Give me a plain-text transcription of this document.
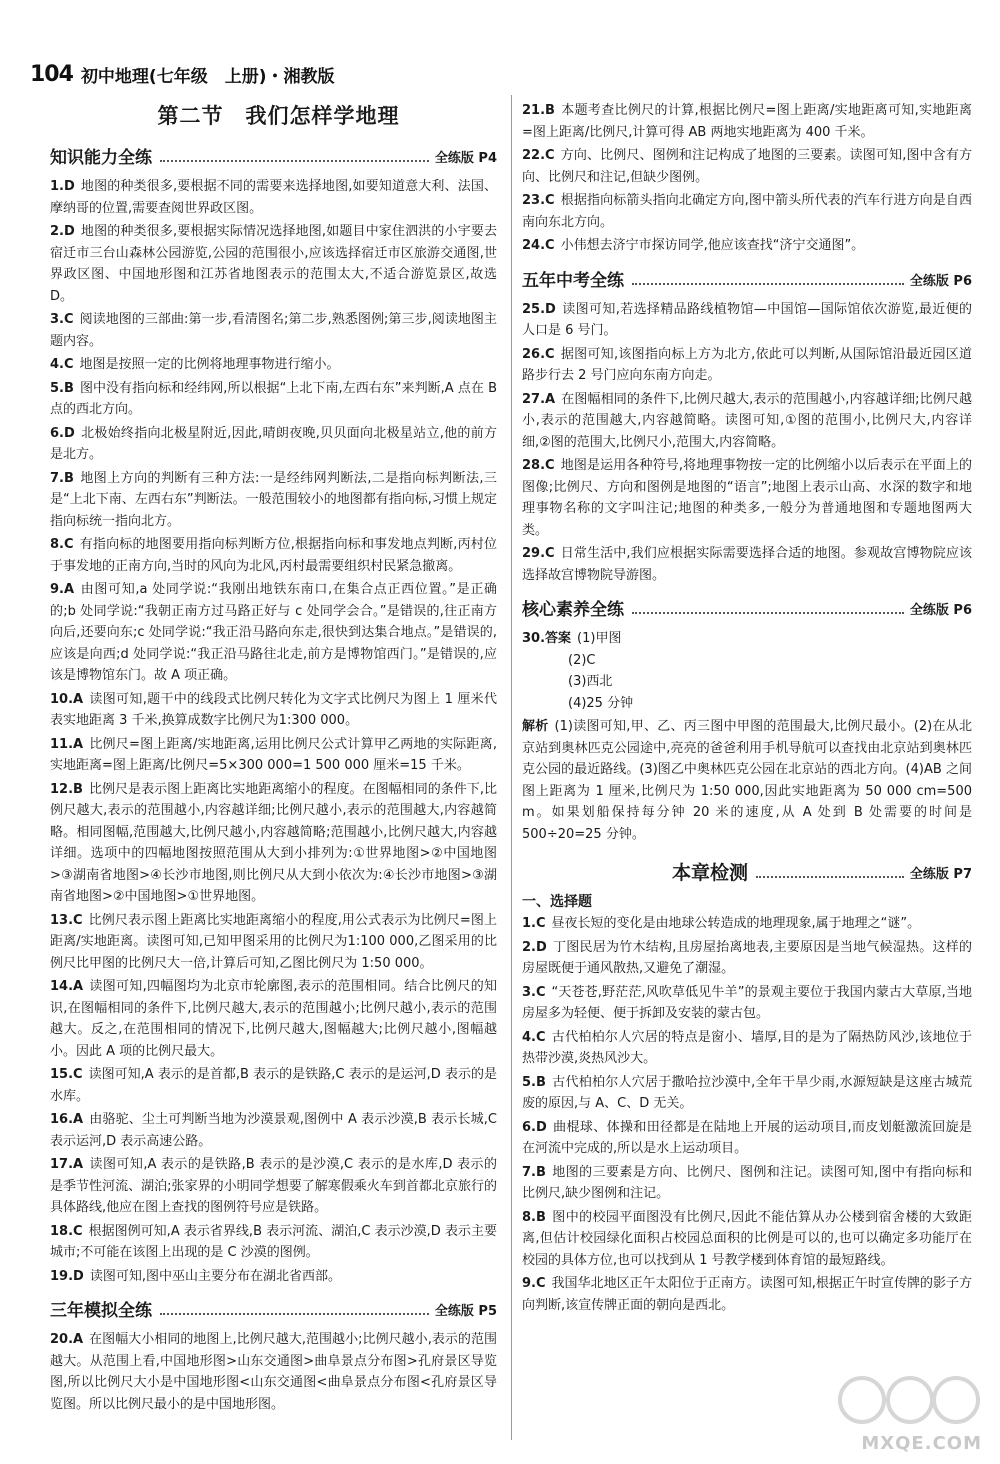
104 初中地理(七年级　上册)・湘教版
第二节　我们怎样学地理
知识能力全练	全练版 P4
1.D 地图的种类很多,要根据不同的需要来选择地图,如要知道意大利、法国、摩纳哥的位置,需要查阅世界政区图。
2.D 地图的种类很多,要根据实际情况选择地图,如题目中家住泗洪的小宇要去宿迁市三台山森林公园游览,公园的范围很小,应该选择宿迁市区旅游交通图,世界政区图、中国地形图和江苏省地图表示的范围太大,不适合游览景区,故选 D。
3.C 阅读地图的三部曲:第一步,看清图名;第二步,熟悉图例;第三步,阅读地图主题内容。
4.C 地图是按照一定的比例将地理事物进行缩小。
5.B 图中没有指向标和经纬网,所以根据“上北下南,左西右东”来判断,A 点在 B 点的西北方向。
6.D 北极始终指向北极星附近,因此,晴朗夜晚,贝贝面向北极星站立,他的前方是北方。
7.B 地图上方向的判断有三种方法:一是经纬网判断法,二是指向标判断法,三是“上北下南、左西右东”判断法。一般范围较小的地图都有指向标,习惯上规定指向标统一指向北方。
8.C 有指向标的地图要用指向标判断方位,根据指向标和事发地点判断,丙村位于事发地的正南方向,当时的风向为北风,丙村最需要组织村民紧急撤离。
9.A 由图可知,a 处同学说:“我刚出地铁东南口,在集合点正西位置。”是正确的;b 处同学说:“我朝正南方过马路正好与 c 处同学会合。”是错误的,往正南方向后,还要向东;c 处同学说:“我正沿马路向东走,很快到达集合地点。”是错误的,应该是向西;d 处同学说:“我正沿马路往北走,前方是博物馆西门。”是错误的,应该是博物馆东门。故 A 项正确。
10.A 读图可知,题干中的线段式比例尺转化为文字式比例尺为图上 1 厘米代表实地距离 3 千米,换算成数字比例尺为1:300 000。
11.A 比例尺=图上距离/实地距离,运用比例尺公式计算甲乙两地的实际距离,实地距离=图上距离/比例尺=5×300 000=1 500 000 厘米=15 千米。
12.B 比例尺是表示图上距离比实地距离缩小的程度。在图幅相同的条件下,比例尺越大,表示的范围越小,内容越详细;比例尺越小,表示的范围越大,内容越简略。相同图幅,范围越大,比例尺越小,内容越简略;范围越小,比例尺越大,内容越详细。选项中的四幅地图按照范围从大到小排列为:①世界地图>②中国地图>③湖南省地图>④长沙市地图,则比例尺从大到小依次为:④长沙市地图>③湖南省地图>②中国地图>①世界地图。
13.C 比例尺表示图上距离比实地距离缩小的程度,用公式表示为比例尺=图上距离/实地距离。读图可知,已知甲图采用的比例尺为1:100 000,乙图采用的比例尺比甲图的比例尺大一倍,计算后可知,乙图比例尺为 1:50 000。
14.A 读图可知,四幅图均为北京市轮廓图,表示的范围相同。结合比例尺的知识,在图幅相同的条件下,比例尺越大,表示的范围越小;比例尺越小,表示的范围越大。反之,在范围相同的情况下,比例尺越大,图幅越大;比例尺越小,图幅越小。因此 A 项的比例尺最大。
15.C 读图可知,A 表示的是首都,B 表示的是铁路,C 表示的是运河,D 表示的是水库。
16.A 由骆驼、尘土可判断当地为沙漠景观,图例中 A 表示沙漠,B 表示长城,C 表示运河,D 表示高速公路。
17.A 读图可知,A 表示的是铁路,B 表示的是沙漠,C 表示的是水库,D 表示的是季节性河流、湖泊;张家界的小明同学想要了解寒假乘火车到首都北京旅行的具体路线,他应在图上查找的图例符号应是铁路。
18.C 根据图例可知,A 表示省界线,B 表示河流、湖泊,C 表示沙漠,D 表示主要城市;不可能在该图上出现的是 C 沙漠的图例。
19.D 读图可知,图中巫山主要分布在湖北省西部。
三年模拟全练	全练版 P5
20.A 在图幅大小相同的地图上,比例尺越大,范围越小;比例尺越小,表示的范围越大。从范围上看,中国地形图>山东交通图>曲阜景点分布图>孔府景区导览图,所以比例尺大小是中国地形图<山东交通图<曲阜景点分布图<孔府景区导览图。所以比例尺最小的是中国地形图。
21.B 本题考查比例尺的计算,根据比例尺=图上距离/实地距离可知,实地距离=图上距离/比例尺,计算可得 AB 两地实地距离为 400 千米。
22.C 方向、比例尺、图例和注记构成了地图的三要素。读图可知,图中含有方向、比例尺和注记,但缺少图例。
23.C 根据指向标箭头指向北确定方向,图中箭头所代表的汽车行进方向是自西南向东北方向。
24.C 小伟想去济宁市探访同学,他应该查找“济宁交通图”。
五年中考全练	全练版 P6
25.D 读图可知,若选择精品路线植物馆—中国馆—国际馆依次游览,最近便的人口是 6 号门。
26.C 据图可知,该图指向标上方为北方,依此可以判断,从国际馆沿最近园区道路步行去 2 号门应向东南方向走。
27.A 在图幅相同的条件下,比例尺越大,表示的范围越小,内容越详细;比例尺越小,表示的范围越大,内容越简略。读图可知,①图的范围小,比例尺大,内容详细,②图的范围大,比例尺小,范围大,内容简略。
28.C 地图是运用各种符号,将地理事物按一定的比例缩小以后表示在平面上的图像;比例尺、方向和图例是地图的“语言”;地图上表示山高、水深的数字和地理事物名称的文字叫注记;地图的种类多,一般分为普通地图和专题地图两大类。
29.C 日常生活中,我们应根据实际需要选择合适的地图。参观故宫博物院应该选择故宫博物院导游图。
核心素养全练	全练版 P6
30.答案 (1)甲图
(2)C
(3)西北
(4)25 分钟
解析 (1)读图可知,甲、乙、丙三图中甲图的范围最大,比例尺最小。(2)在从北京站到奥林匹克公园途中,亮亮的爸爸利用手机导航可以查找由北京站到奥林匹克公园的最近路线。(3)图乙中奥林匹克公园在北京站的西北方向。(4)AB 之间图上距离为 1 厘米,比例尺为 1:50 000,因此实地距离为 50 000 cm=500 m。如果划船保持每分钟 20 米的速度,从 A 处到 B 处需要的时间是 500÷20=25 分钟。
本章检测	全练版 P7
一、选择题
1.C 昼夜长短的变化是由地球公转造成的地理现象,属于地理之“谜”。
2.D 丁图民居为竹木结构,且房屋抬离地表,主要原因是当地气候湿热。这样的房屋既便于通风散热,又避免了潮湿。
3.C “天苍苍,野茫茫,风吹草低见牛羊”的景观主要位于我国内蒙古大草原,当地房屋多为轻便、便于拆卸及安装的蒙古包。
4.C 古代柏柏尔人穴居的特点是窗小、墙厚,目的是为了隔热防风沙,该地位于热带沙漠,炎热风沙大。
5.B 古代柏柏尔人穴居于撒哈拉沙漠中,全年干旱少雨,水源短缺是这座古城荒废的原因,与 A、C、D 无关。
6.D 曲棍球、体操和田径都是在陆地上开展的运动项目,而皮划艇激流回旋是在河流中完成的,所以是水上运动项目。
7.B 地图的三要素是方向、比例尺、图例和注记。读图可知,图中有指向标和比例尺,缺少图例和注记。
8.B 图中的校园平面图没有比例尺,因此不能估算从办公楼到宿舍楼的大致距离,但估计校园绿化面积占校园总面积的比例是可以的,也可以确定多功能厅在校园的具体方位,也可以找到从 1 号教学楼到体育馆的最短路线。
9.C 我国华北地区正午太阳位于正南方。读图可知,根据正午时宣传牌的影子方向判断,该宣传牌正面的朝向是西北。
MXQE.COM
